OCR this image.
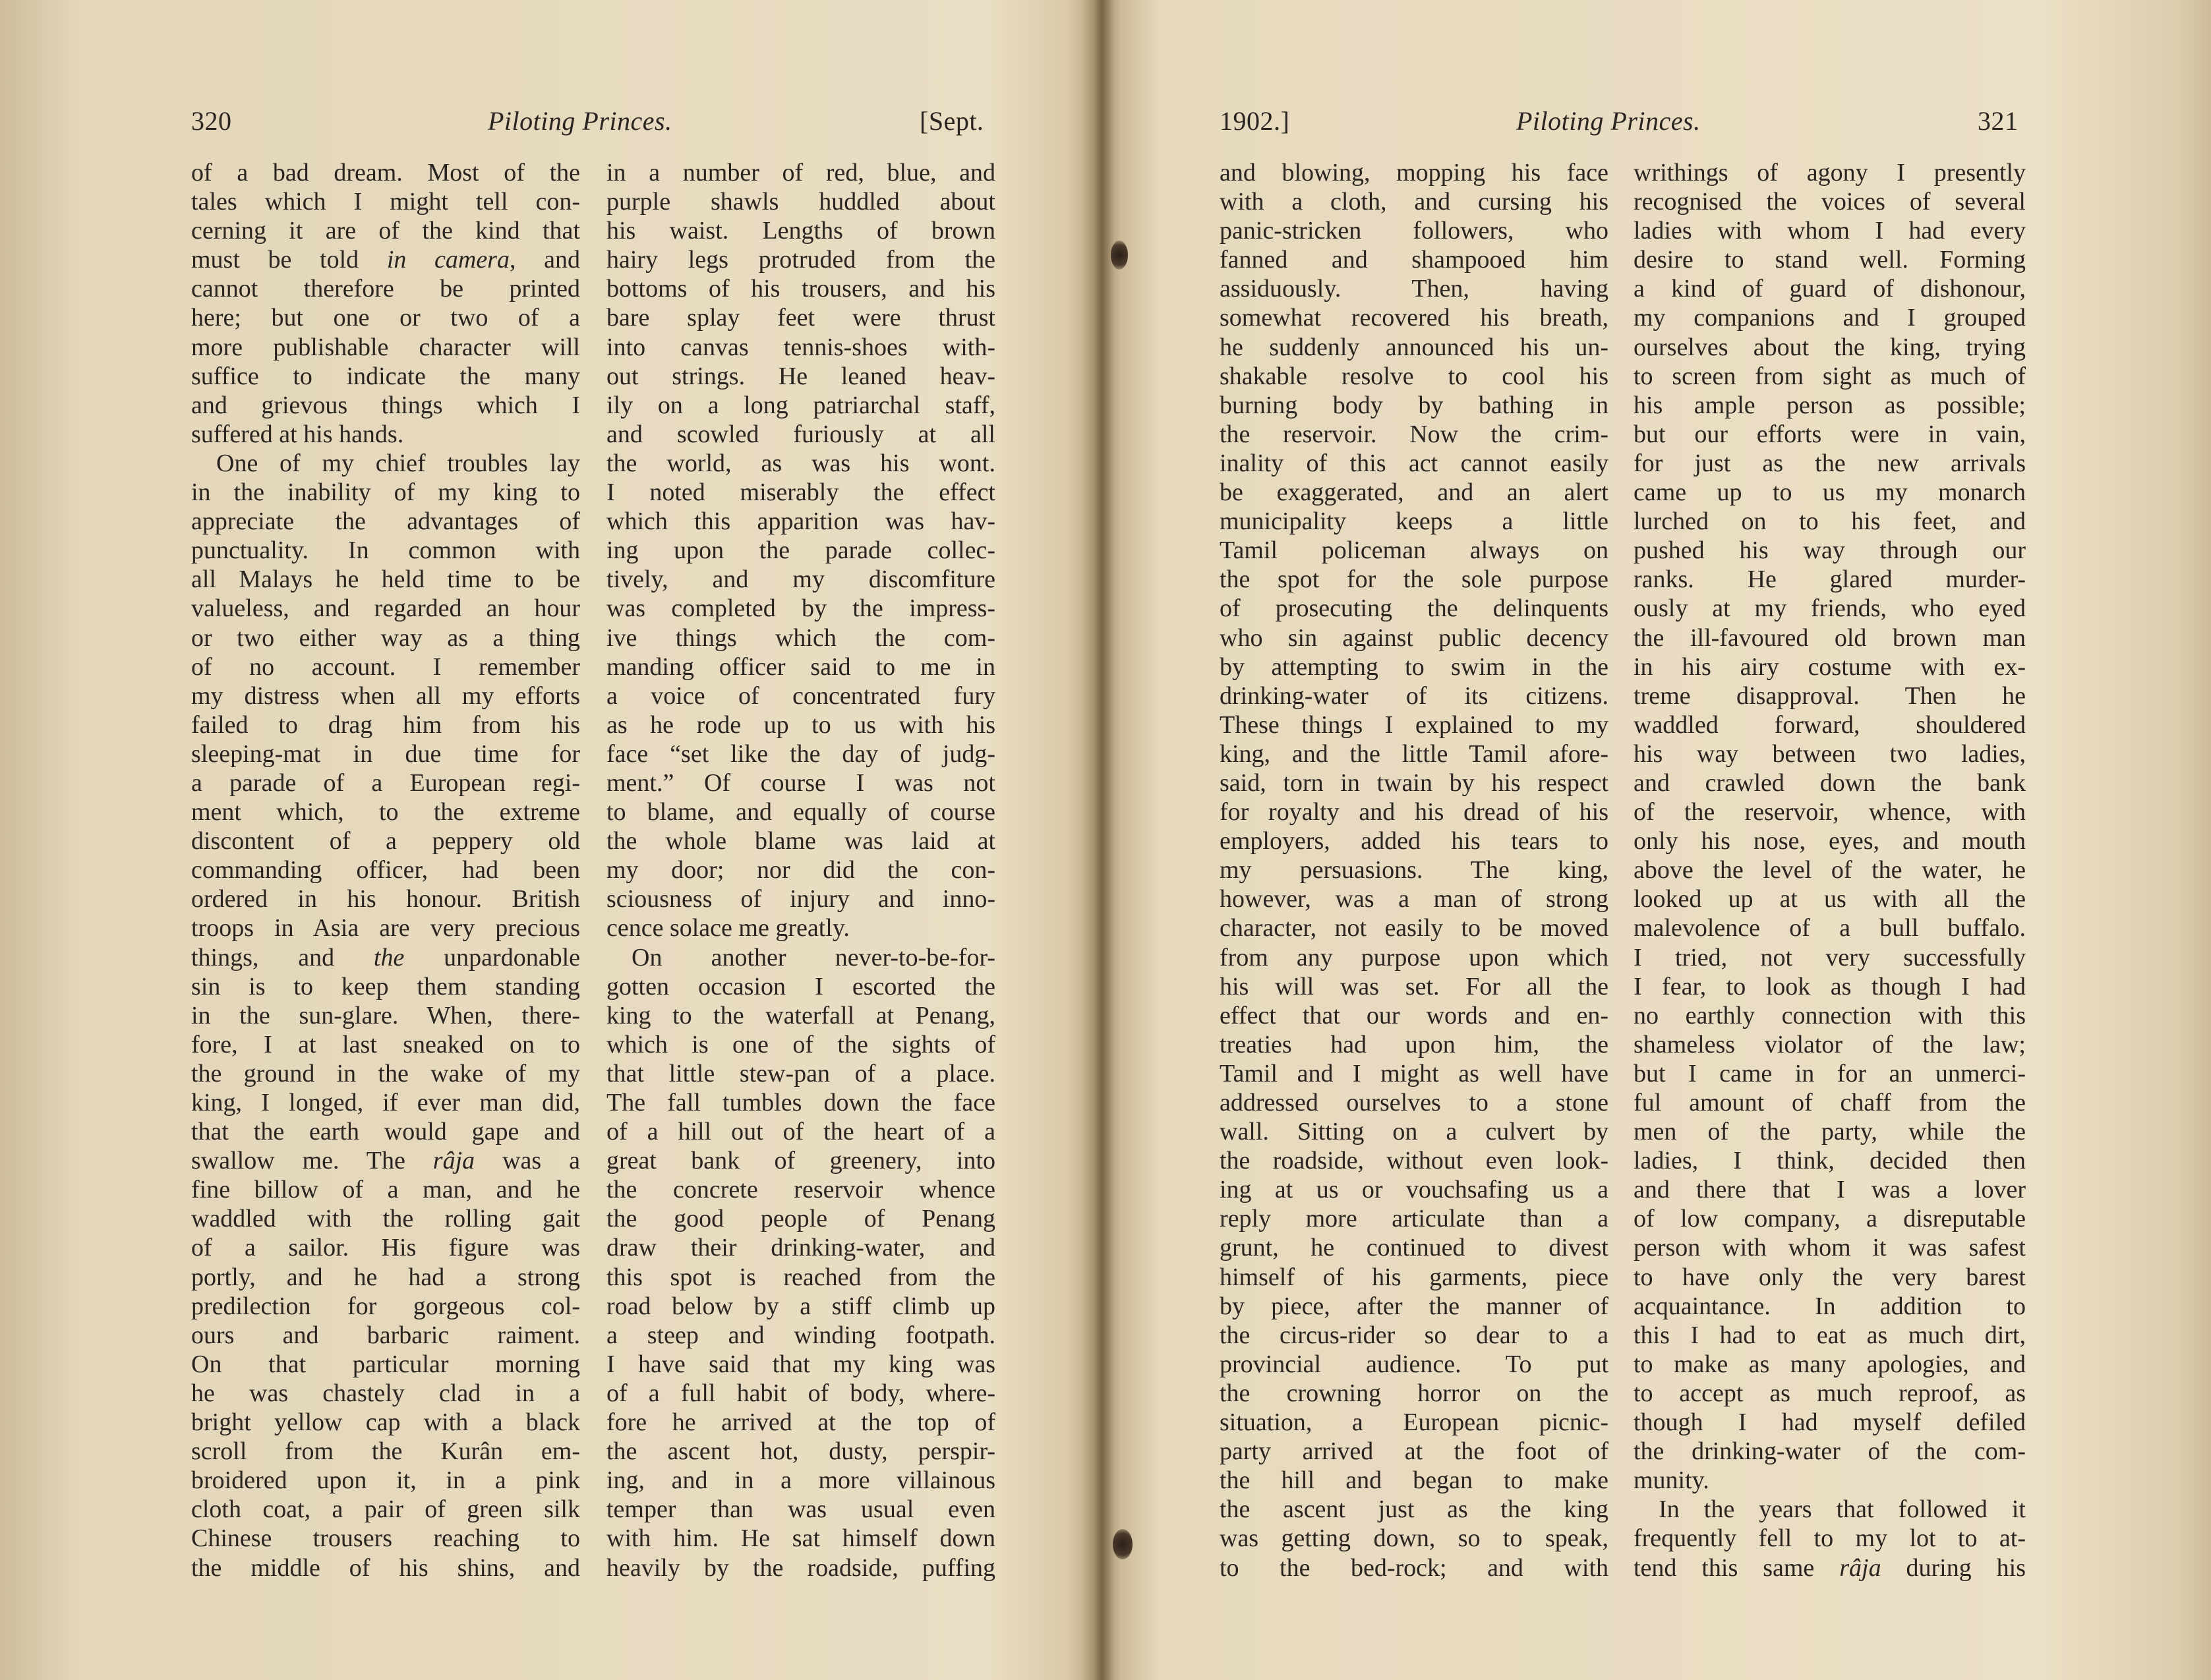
320	Piloting Princes.	[Sept.
of a bad dream. Most of the
tales which I might tell con-
cerning it are of the kind that
must be told in camera, and
cannot therefore be printed
here; but one or two of a
more publishable character will
suffice to indicate the many
and grievous things which I
suffered at his hands.
One of my chief troubles lay
in the inability of my king to
appreciate the advantages of
punctuality. In common with
all Malays he held time to be
valueless, and regarded an hour
or two either way as a thing
of no account. I remember
my distress when all my efforts
failed to drag him from his
sleeping-mat in due time for
a parade of a European regi-
ment which, to the extreme
discontent of a peppery old
commanding officer, had been
ordered in his honour. British
troops in Asia are very precious
things, and the unpardonable
sin is to keep them standing
in the sun-glare. When, there-
fore, I at last sneaked on to
the ground in the wake of my
king, I longed, if ever man did,
that the earth would gape and
swallow me. The râja was a
fine billow of a man, and he
waddled with the rolling gait
of a sailor. His figure was
portly, and he had a strong
predilection for gorgeous col-
ours and barbaric raiment.
On that particular morning
he was chastely clad in a
bright yellow cap with a black
scroll from the Kurân em-
broidered upon it, in a pink
cloth coat, a pair of green silk
Chinese trousers reaching to
the middle of his shins, and
in a number of red, blue, and
purple shawls huddled about
his waist. Lengths of brown
hairy legs protruded from the
bottoms of his trousers, and his
bare splay feet were thrust
into canvas tennis-shoes with-
out strings. He leaned heav-
ily on a long patriarchal staff,
and scowled furiously at all
the world, as was his wont.
I noted miserably the effect
which this apparition was hav-
ing upon the parade collec-
tively, and my discomfiture
was completed by the impress-
ive things which the com-
manding officer said to me in
a voice of concentrated fury
as he rode up to us with his
face “set like the day of judg-
ment.” Of course I was not
to blame, and equally of course
the whole blame was laid at
my door; nor did the con-
sciousness of injury and inno-
cence solace me greatly.
On another never-to-be-for-
gotten occasion I escorted the
king to the waterfall at Penang,
which is one of the sights of
that little stew-pan of a place.
The fall tumbles down the face
of a hill out of the heart of a
great bank of greenery, into
the concrete reservoir whence
the good people of Penang
draw their drinking-water, and
this spot is reached from the
road below by a stiff climb up
a steep and winding footpath.
I have said that my king was
of a full habit of body, where-
fore he arrived at the top of
the ascent hot, dusty, perspir-
ing, and in a more villainous
temper than was usual even
with him. He sat himself down
heavily by the roadside, puffing
1902.]	Piloting Princes.	321
and blowing, mopping his face
with a cloth, and cursing his
panic-stricken followers, who
fanned and shampooed him
assiduously. Then, having
somewhat recovered his breath,
he suddenly announced his un-
shakable resolve to cool his
burning body by bathing in
the reservoir. Now the crim-
inality of this act cannot easily
be exaggerated, and an alert
municipality keeps a little
Tamil policeman always on
the spot for the sole purpose
of prosecuting the delinquents
who sin against public decency
by attempting to swim in the
drinking-water of its citizens.
These things I explained to my
king, and the little Tamil afore-
said, torn in twain by his respect
for royalty and his dread of his
employers, added his tears to
my persuasions. The king,
however, was a man of strong
character, not easily to be moved
from any purpose upon which
his will was set. For all the
effect that our words and en-
treaties had upon him, the
Tamil and I might as well have
addressed ourselves to a stone
wall. Sitting on a culvert by
the roadside, without even look-
ing at us or vouchsafing us a
reply more articulate than a
grunt, he continued to divest
himself of his garments, piece
by piece, after the manner of
the circus-rider so dear to a
provincial audience. To put
the crowning horror on the
situation, a European picnic-
party arrived at the foot of
the hill and began to make
the ascent just as the king
was getting down, so to speak,
to the bed-rock; and with
writhings of agony I presently
recognised the voices of several
ladies with whom I had every
desire to stand well. Forming
a kind of guard of dishonour,
my companions and I grouped
ourselves about the king, trying
to screen from sight as much of
his ample person as possible;
but our efforts were in vain,
for just as the new arrivals
came up to us my monarch
lurched on to his feet, and
pushed his way through our
ranks. He glared murder-
ously at my friends, who eyed
the ill-favoured old brown man
in his airy costume with ex-
treme disapproval. Then he
waddled forward, shouldered
his way between two ladies,
and crawled down the bank
of the reservoir, whence, with
only his nose, eyes, and mouth
above the level of the water, he
looked up at us with all the
malevolence of a bull buffalo.
I tried, not very successfully
I fear, to look as though I had
no earthly connection with this
shameless violator of the law;
but I came in for an unmerci-
ful amount of chaff from the
men of the party, while the
ladies, I think, decided then
and there that I was a lover
of low company, a disreputable
person with whom it was safest
to have only the very barest
acquaintance. In addition to
this I had to eat as much dirt,
to make as many apologies, and
to accept as much reproof, as
though I had myself defiled
the drinking-water of the com-
munity.
In the years that followed it
frequently fell to my lot to at-
tend this same râja during his
